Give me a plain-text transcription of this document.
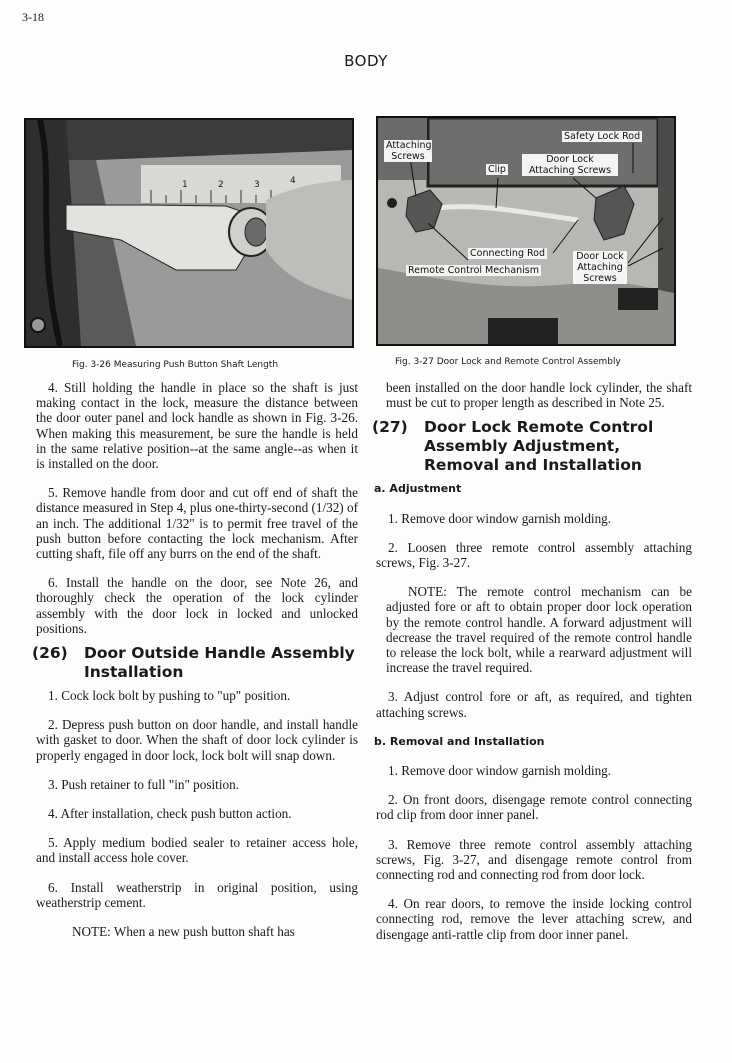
3-18
BODY
1	2	3	4
Fig. 3-26 Measuring Push Button Shaft Length
Attaching Screws
Safety Lock Rod
Door Lock Attaching Screws
Clip
Connecting Rod
Remote Control Mechanism
Door Lock Attaching Screws
Fig. 3-27 Door Lock and Remote Control Assembly

4. Still holding the handle in place so the shaft is just making contact in the lock, measure the distance between the door outer panel and lock handle as shown in Fig. 3-26. When making this measurement, be sure the handle is held in the same relative position--at the same angle--as when it is installed on the door.

5. Remove handle from door and cut off end of shaft the distance measured in Step 4, plus one-thirty-second (1/32) of an inch. The additional 1/32" is to permit free travel of the push button before contacting the lock mechanism. After cutting shaft, file off any burrs on the end of the shaft.

6. Install the handle on the door, see Note 26, and thoroughly check the operation of the lock cylinder assembly with the door lock in locked and unlocked positions.

(26)	Door Outside Handle Assembly Installation

1. Cock lock bolt by pushing to "up" position.

2. Depress push button on door handle, and install handle with gasket to door. When the shaft of door lock cylinder is properly engaged in door lock, lock bolt will snap down.

3. Push retainer to full "in" position.

4. After installation, check push button action.

5. Apply medium bodied sealer to retainer access hole, and install access hole cover.

6. Install weatherstrip in original position, using weatherstrip cement.

NOTE: When a new push button shaft has

been installed on the door handle lock cylinder, the shaft must be cut to proper length as described in Note 25.

(27)	Door Lock Remote Control Assembly Adjustment, Removal and Installation
a. Adjustment

1. Remove door window garnish molding.

2. Loosen three remote control assembly attaching screws, Fig. 3-27.

NOTE: The remote control mechanism can be adjusted fore or aft to obtain proper door lock operation by the remote control handle. A forward adjustment will decrease the travel required of the remote control handle to release the lock bolt, while a rearward adjustment will increase the travel required.

3. Adjust control fore or aft, as required, and tighten attaching screws.

b. Removal and Installation

1. Remove door window garnish molding.

2. On front doors, disengage remote control connecting rod clip from door inner panel.

3. Remove three remote control assembly attaching screws, Fig. 3-27, and disengage remote control from connecting rod and connecting rod from door lock.

4. On rear doors, to remove the inside locking control connecting rod, remove the lever attaching screw, and disengage anti-rattle clip from door inner panel.
